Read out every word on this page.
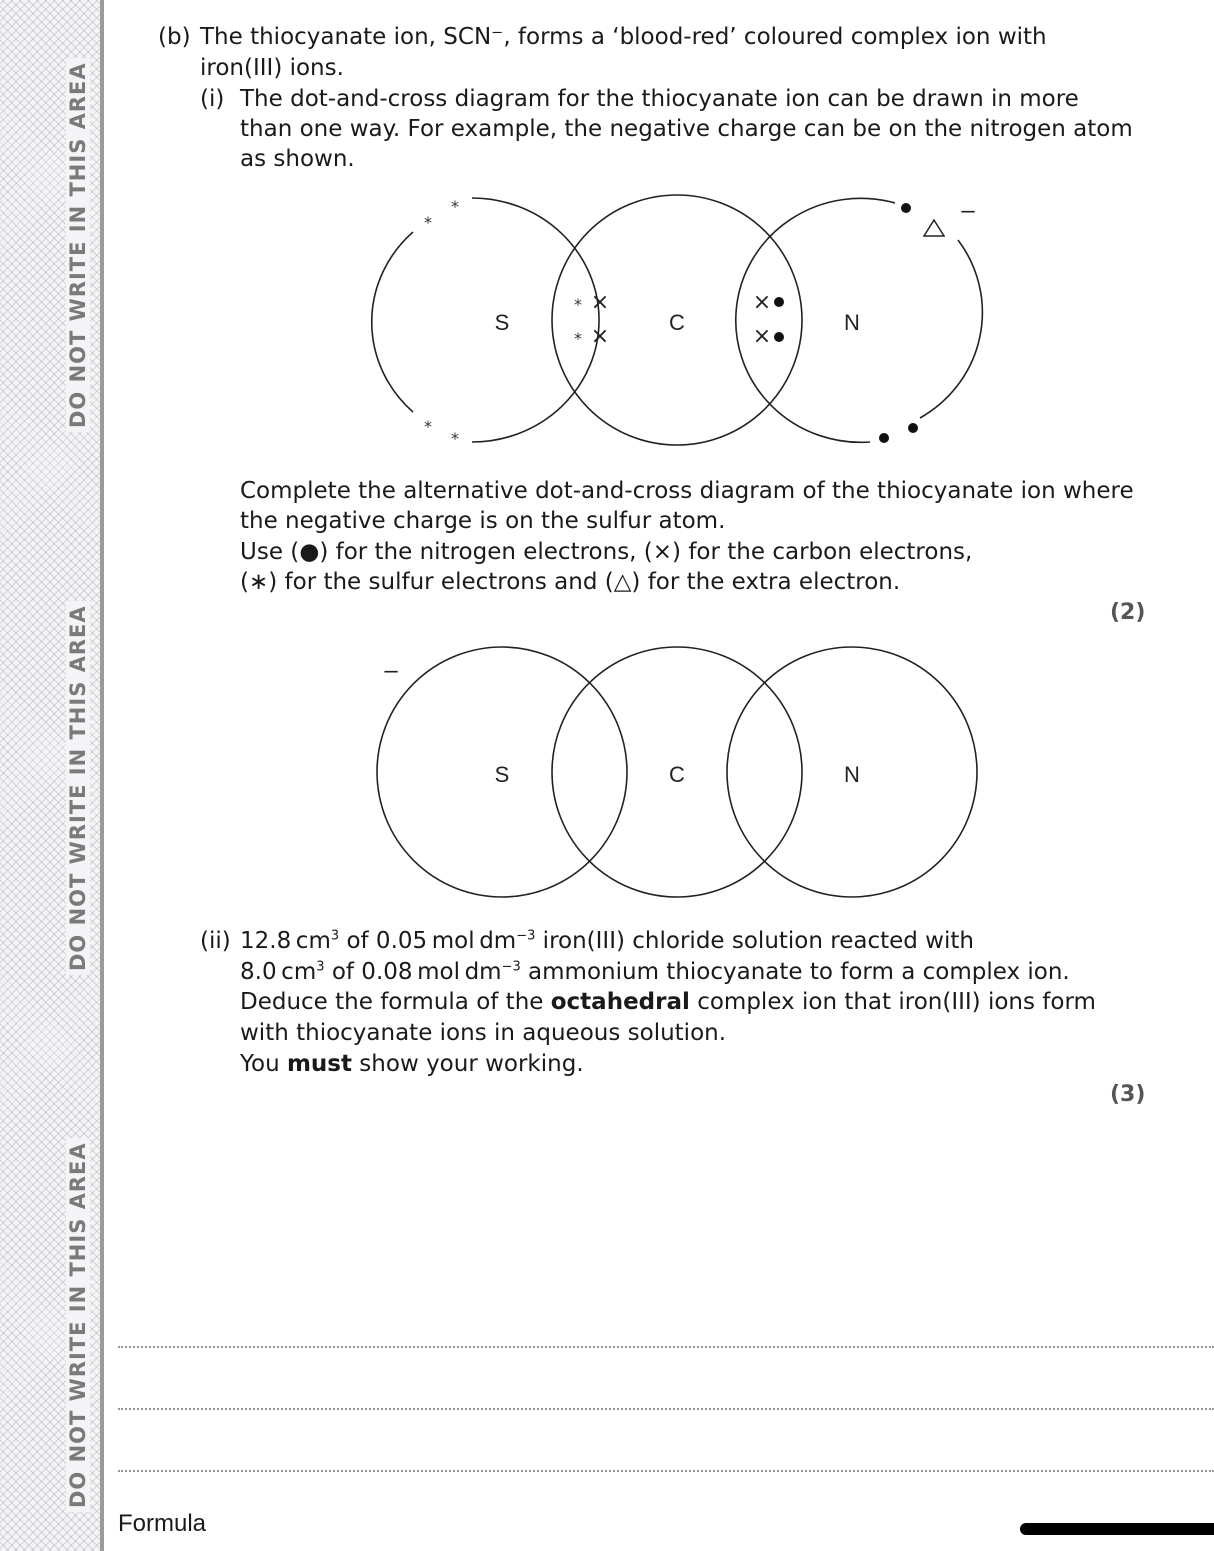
DO NOT WRITE IN THIS AREA
DO NOT WRITE IN THIS AREA
DO NOT WRITE IN THIS AREA
(b) The thiocyanate ion, SCN⁻, forms a ‘blood-red’ coloured complex ion with
iron(III) ions.
(i) The dot-and-cross diagram for the thiocyanate ion can be drawn in more
than one way. For example, the negative charge can be on the nitrogen atom
as shown.
S	C	N
S	C	N
–
–
*
*
*
*
*
*
×
×
×
×
Complete the alternative dot-and-cross diagram of the thiocyanate ion where
the negative charge is on the sulfur atom.
Use (●) for the nitrogen electrons, (×) for the carbon electrons,
(∗) for the sulfur electrons and (△) for the extra electron.
(2)
(ii) 12.8 $cm^3$ of 0.05 mol $dm^{-3}$ iron(III) chloride solution reacted with
8.0 $cm^3$ of 0.08 mol $dm^{-3}$ ammonium thiocyanate to form a complex ion.
Deduce the formula of the octahedral complex ion that iron(III) ions form
with thiocyanate ions in aqueous solution.
You must show your working.
(3)
Formula
